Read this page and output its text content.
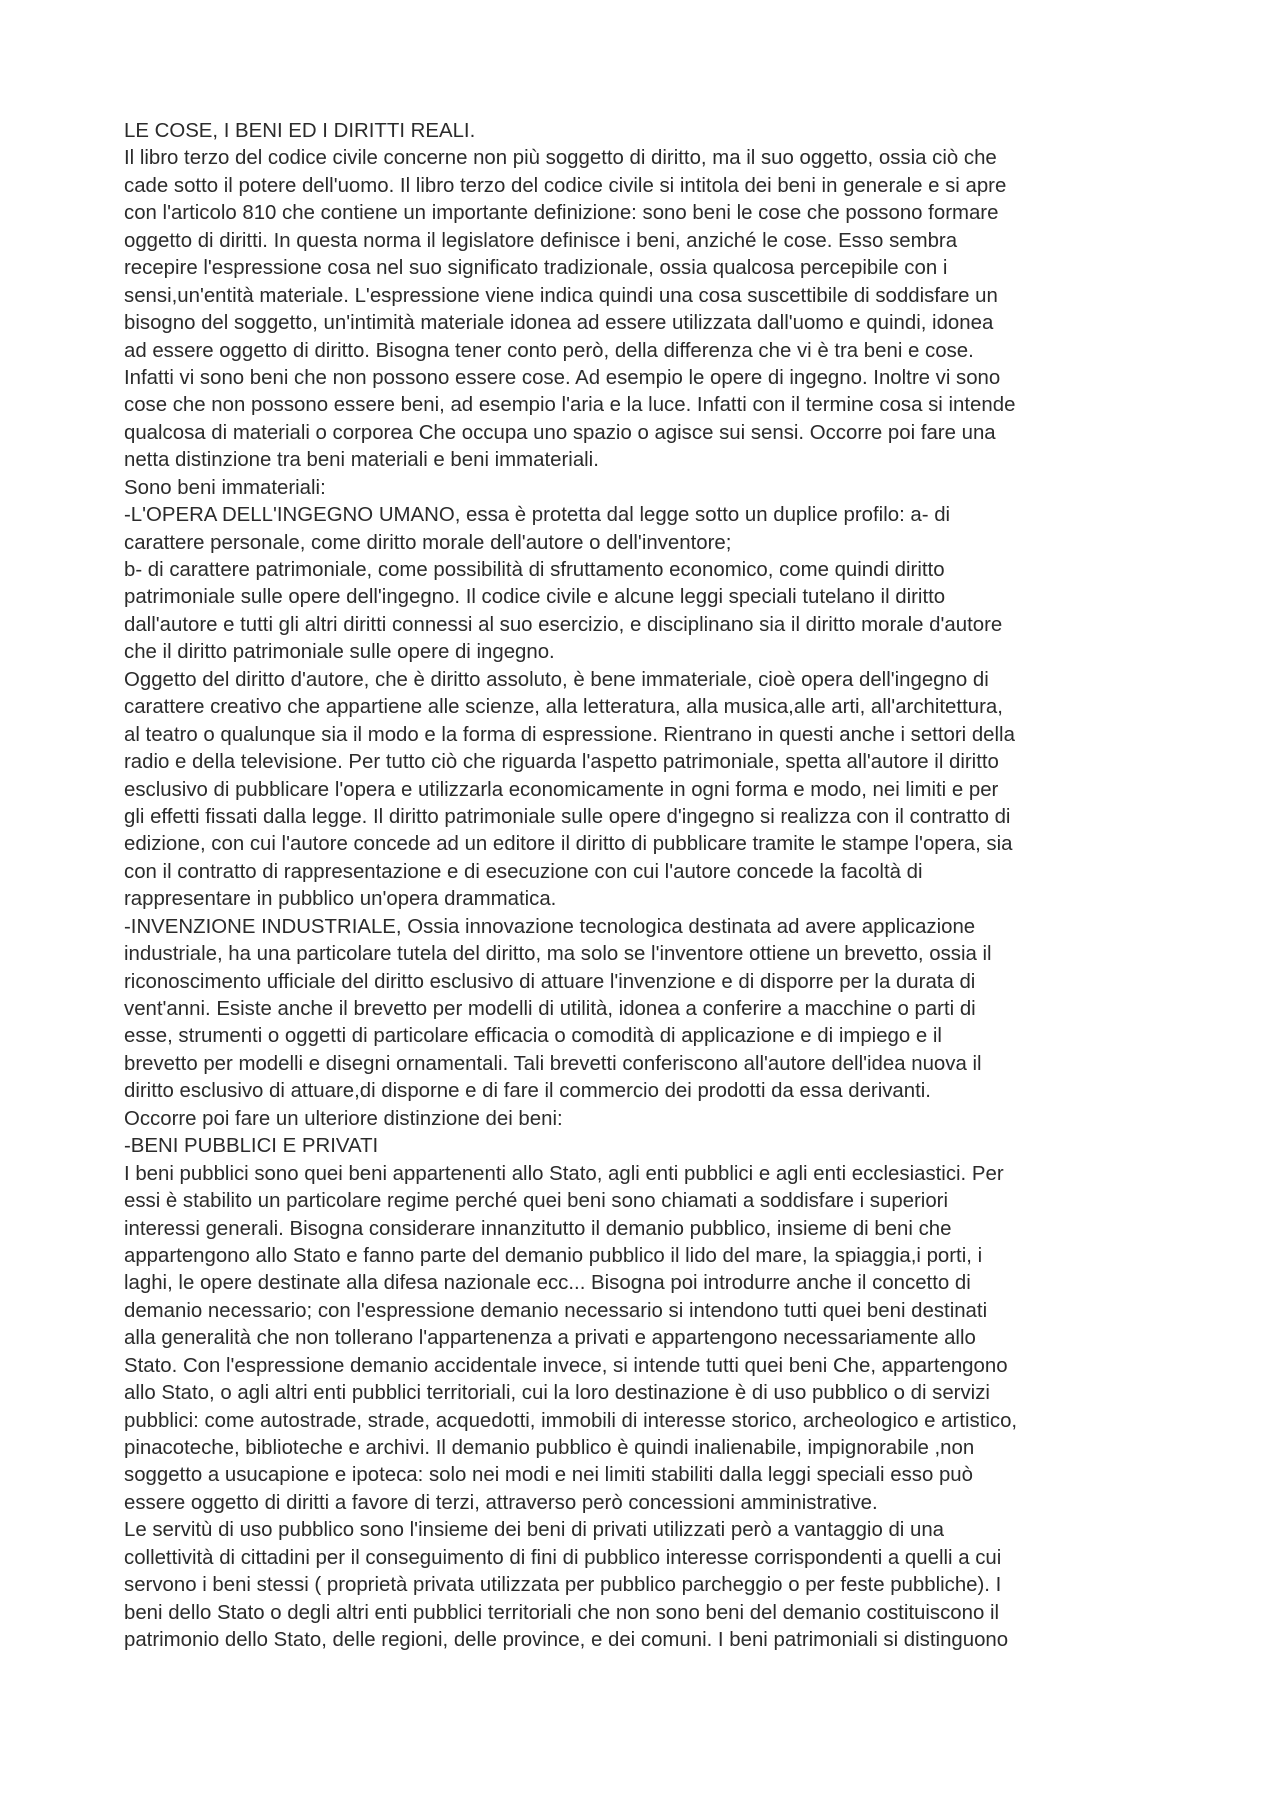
LE COSE, I BENI ED I DIRITTI REALI.
Il libro terzo del codice civile concerne non più soggetto di diritto, ma il suo oggetto, ossia ciò che
cade sotto il potere dell'uomo. Il libro terzo del codice civile si intitola dei beni in generale e si apre
con l'articolo 810 che contiene un importante definizione: sono beni le cose che possono formare
oggetto di diritti. In questa norma il legislatore definisce i beni, anziché le cose. Esso sembra
recepire l'espressione cosa nel suo significato tradizionale, ossia qualcosa percepibile con i
sensi,un'entità materiale. L'espressione viene indica quindi una cosa suscettibile di soddisfare un
bisogno del soggetto, un'intimità materiale idonea ad essere utilizzata dall'uomo e quindi, idonea
ad essere oggetto di diritto. Bisogna tener conto però, della differenza che vi è tra beni e cose.
Infatti vi sono beni che non possono essere cose. Ad esempio le opere di ingegno. Inoltre vi sono
cose che non possono essere beni, ad esempio l'aria e la luce. Infatti con il termine cosa si intende
qualcosa di materiali o corporea Che occupa uno spazio o agisce sui sensi. Occorre poi fare una
netta distinzione tra beni materiali e beni immateriali.
Sono beni immateriali:
-L'OPERA DELL'INGEGNO UMANO, essa è protetta dal legge sotto un duplice profilo: a- di
carattere personale, come diritto morale dell'autore o dell'inventore;
b- di carattere patrimoniale, come possibilità di sfruttamento economico, come quindi diritto
patrimoniale sulle opere dell'ingegno. Il codice civile e alcune leggi speciali tutelano il diritto
dall'autore e tutti gli altri diritti connessi al suo esercizio, e disciplinano sia il diritto morale d'autore
che il diritto patrimoniale sulle opere di ingegno.
Oggetto del diritto d'autore, che è diritto assoluto, è bene immateriale, cioè opera dell'ingegno di
carattere creativo che appartiene alle scienze, alla letteratura, alla musica,alle arti, all'architettura,
al teatro o qualunque sia il modo e la forma di espressione. Rientrano in questi anche i settori della
radio e della televisione. Per tutto ciò che riguarda l'aspetto patrimoniale, spetta all'autore il diritto
esclusivo di pubblicare l'opera e utilizzarla economicamente in ogni forma e modo, nei limiti e per
gli effetti fissati dalla legge. Il diritto patrimoniale sulle opere d'ingegno si realizza con il contratto di
edizione, con cui l'autore concede ad un editore il diritto di pubblicare tramite le stampe l'opera, sia
con il contratto di rappresentazione e di esecuzione con cui l'autore concede la facoltà di
rappresentare in pubblico un'opera drammatica.
-INVENZIONE INDUSTRIALE, Ossia innovazione tecnologica destinata ad avere applicazione
industriale, ha una particolare tutela del diritto, ma solo se l'inventore ottiene un brevetto, ossia il
riconoscimento ufficiale del diritto esclusivo di attuare l'invenzione e di disporre per la durata di
vent'anni. Esiste anche il brevetto per modelli di utilità, idonea a conferire a macchine o parti di
esse, strumenti o oggetti di particolare efficacia o comodità di applicazione e di impiego e il
brevetto per modelli e disegni ornamentali. Tali brevetti conferiscono all'autore dell'idea nuova il
diritto esclusivo di attuare,di disporne e di fare il commercio dei prodotti da essa derivanti.
Occorre poi fare un ulteriore distinzione dei beni:
-BENI PUBBLICI E PRIVATI
I beni pubblici sono quei beni appartenenti allo Stato, agli enti pubblici e agli enti ecclesiastici. Per
essi è stabilito un particolare regime perché quei beni sono chiamati a soddisfare i superiori
interessi generali. Bisogna considerare innanzitutto il demanio pubblico, insieme di beni che
appartengono allo Stato e fanno parte del demanio pubblico il lido del mare, la spiaggia,i porti, i
laghi, le opere destinate alla difesa nazionale ecc... Bisogna poi introdurre anche il concetto di
demanio necessario; con l'espressione demanio necessario si intendono tutti quei beni destinati
alla generalità che non tollerano l'appartenenza a privati e appartengono necessariamente allo
Stato. Con l'espressione demanio accidentale invece, si intende tutti quei beni Che, appartengono
allo Stato, o agli altri enti pubblici territoriali, cui la loro destinazione è di uso pubblico o di servizi
pubblici: come autostrade, strade, acquedotti, immobili di interesse storico, archeologico e artistico,
pinacoteche, biblioteche e archivi. Il demanio pubblico è quindi inalienabile, impignorabile ,non
soggetto a usucapione e ipoteca: solo nei modi e nei limiti stabiliti dalla leggi speciali esso può
essere oggetto di diritti a favore di terzi, attraverso però concessioni amministrative.
Le servitù di uso pubblico sono l'insieme dei beni di privati utilizzati però a vantaggio di una
collettività di cittadini per il conseguimento di fini di pubblico interesse corrispondenti a quelli a cui
servono i beni stessi ( proprietà privata utilizzata per pubblico parcheggio o per feste pubbliche). I
beni dello Stato o degli altri enti pubblici territoriali che non sono beni del demanio costituiscono il
patrimonio dello Stato, delle regioni, delle province, e dei comuni. I beni patrimoniali si distinguono
